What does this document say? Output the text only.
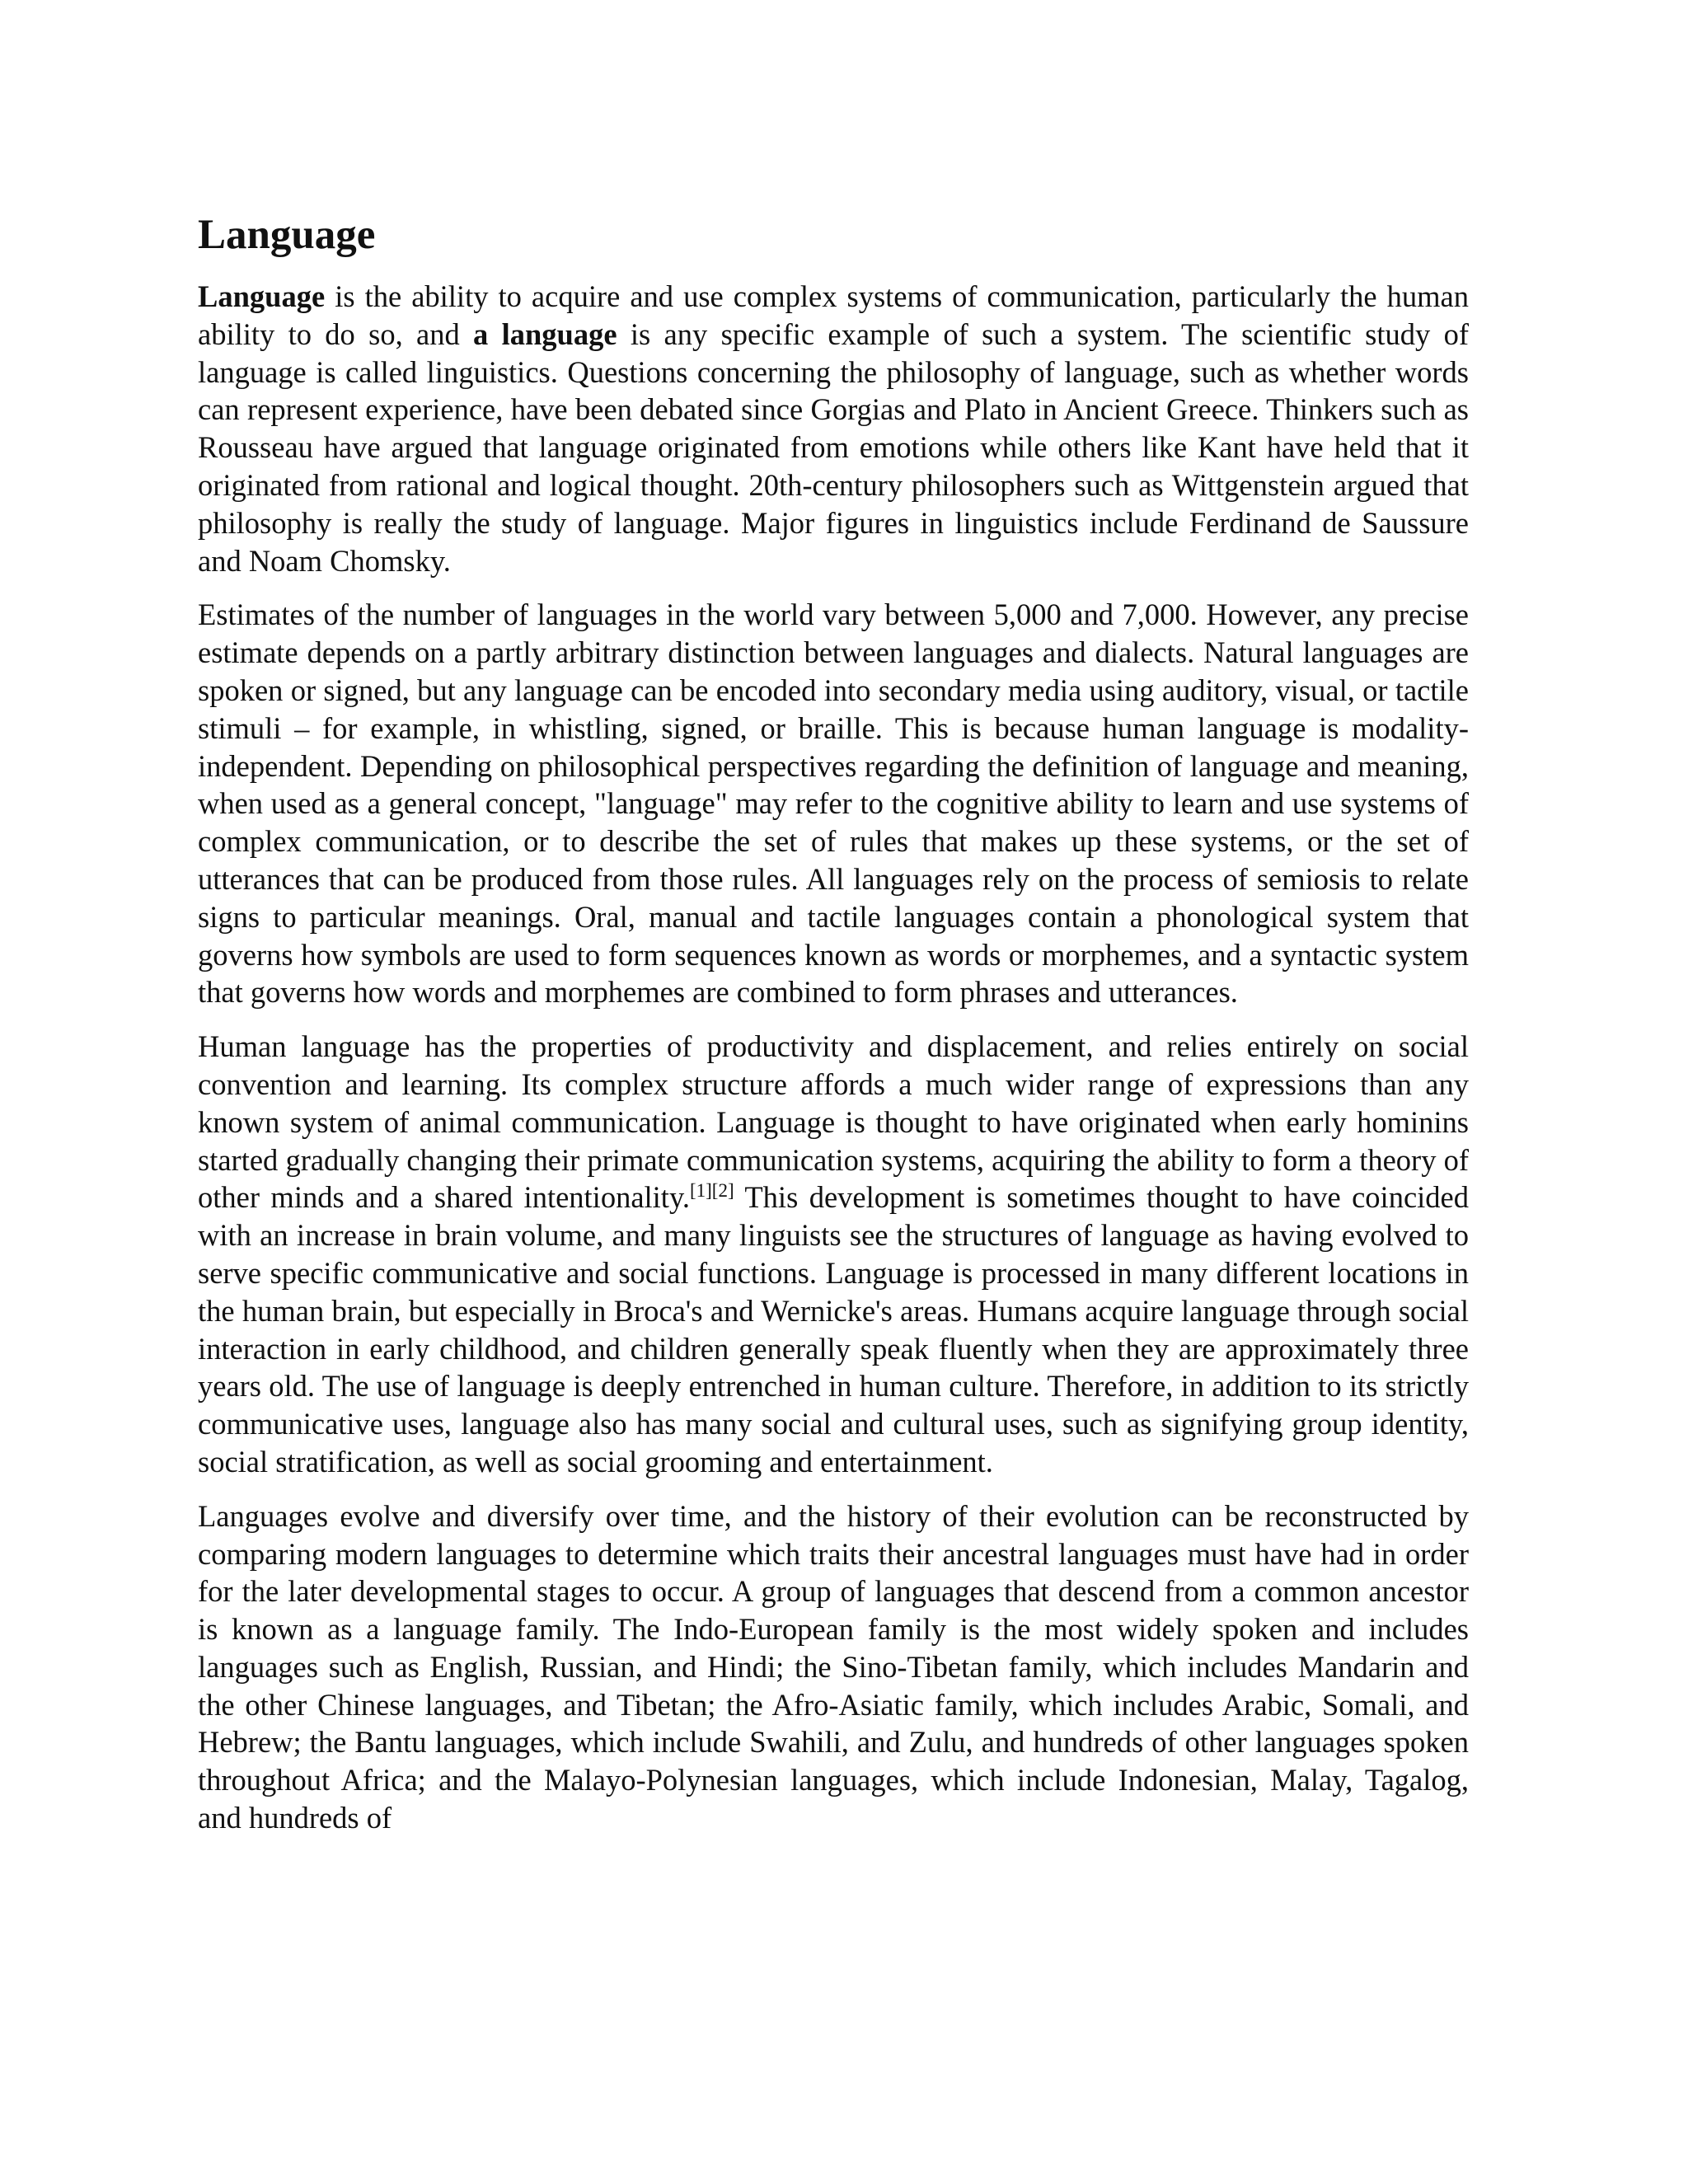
Language

Language is the ability to acquire and use complex systems of communication, particularly the human ability to do so, and a language is any specific example of such a system. The scientific study of language is called linguistics. Questions concerning the philosophy of language, such as whether words can represent experience, have been debated since Gorgias and Plato in Ancient Greece. Thinkers such as Rousseau have argued that language originated from emotions while others like Kant have held that it originated from rational and logical thought. 20th-century philosophers such as Wittgenstein argued that philosophy is really the study of language. Major figures in linguistics include Ferdinand de Saussure and Noam Chomsky.

Estimates of the number of languages in the world vary between 5,000 and 7,000. However, any precise estimate depends on a partly arbitrary distinction between languages and dialects. Natural languages are spoken or signed, but any language can be encoded into secondary media using auditory, visual, or tactile stimuli – for example, in whistling, signed, or braille. This is because human language is modality-independent. Depending on philosophical perspectives regarding the definition of language and meaning, when used as a general concept, "language" may refer to the cognitive ability to learn and use systems of complex communication, or to describe the set of rules that makes up these systems, or the set of utterances that can be produced from those rules. All languages rely on the process of semiosis to relate signs to particular meanings. Oral, manual and tactile languages contain a phonological system that governs how symbols are used to form sequences known as words or morphemes, and a syntactic system that governs how words and morphemes are combined to form phrases and utterances.

Human language has the properties of productivity and displacement, and relies entirely on social convention and learning. Its complex structure affords a much wider range of expressions than any known system of animal communication. Language is thought to have originated when early hominins started gradually changing their primate communication systems, acquiring the ability to form a theory of other minds and a shared intentionality.[1][2] This development is sometimes thought to have coincided with an increase in brain volume, and many linguists see the structures of language as having evolved to serve specific communicative and social functions. Language is processed in many different locations in the human brain, but especially in Broca's and Wernicke's areas. Humans acquire language through social interaction in early childhood, and children generally speak fluently when they are approximately three years old. The use of language is deeply entrenched in human culture. Therefore, in addition to its strictly communicative uses, language also has many social and cultural uses, such as signifying group identity, social stratification, as well as social grooming and entertainment.

Languages evolve and diversify over time, and the history of their evolution can be reconstructed by comparing modern languages to determine which traits their ancestral languages must have had in order for the later developmental stages to occur. A group of languages that descend from a common ancestor is known as a language family. The Indo-European family is the most widely spoken and includes languages such as English, Russian, and Hindi; the Sino-Tibetan family, which includes Mandarin and the other Chinese languages, and Tibetan; the Afro-Asiatic family, which includes Arabic, Somali, and Hebrew; the Bantu languages, which include Swahili, and Zulu, and hundreds of other languages spoken throughout Africa; and the Malayo-Polynesian languages, which include Indonesian, Malay, Tagalog, and hundreds of
